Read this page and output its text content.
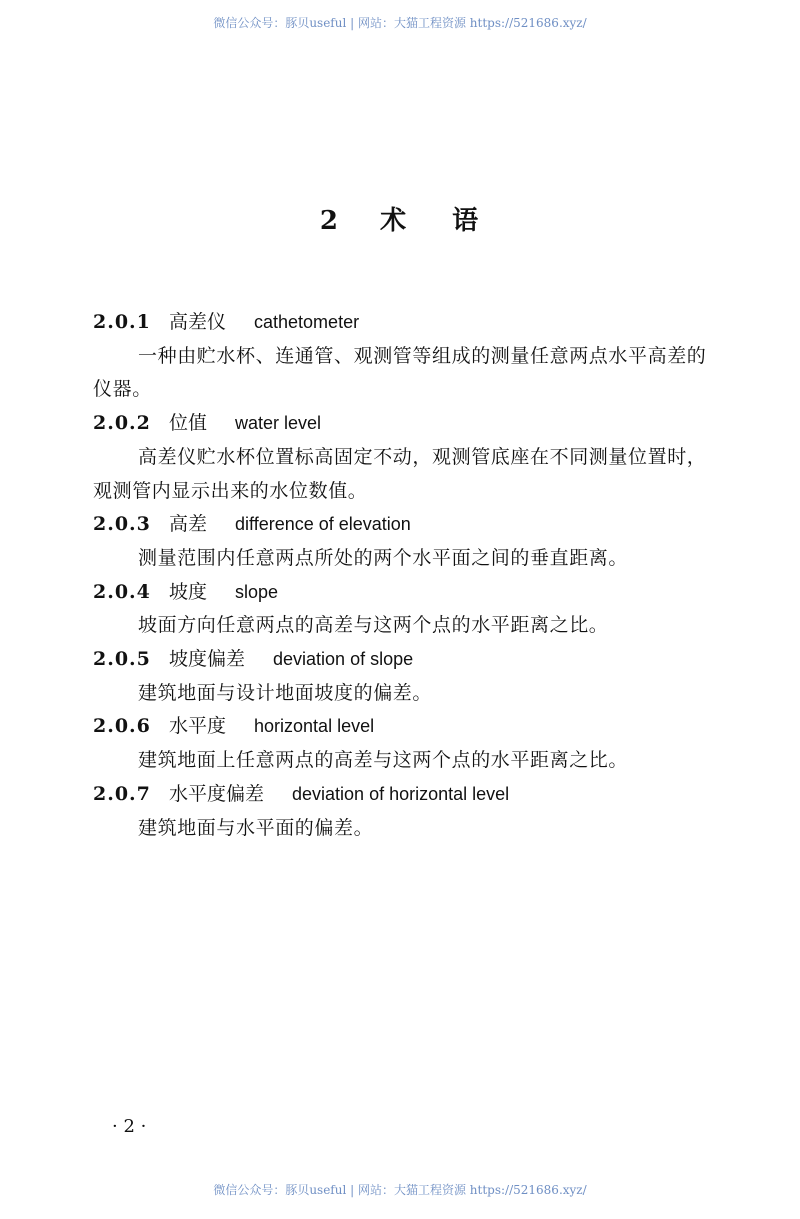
微信公众号：豚贝useful | 网站：大猫工程资源 https://521686.xyz/
2 术 语
2.0.1 高差仪 cathetometer
一种由贮水杯、连通管、观测管等组成的测量任意两点水平高差的仪器。
2.0.2 位值 water level
高差仪贮水杯位置标高固定不动，观测管底座在不同测量位置时，观测管内显示出来的水位数值。
2.0.3 高差 difference of elevation
测量范围内任意两点所处的两个水平面之间的垂直距离。
2.0.4 坡度 slope
坡面方向任意两点的高差与这两个点的水平距离之比。
2.0.5 坡度偏差 deviation of slope
建筑地面与设计地面坡度的偏差。
2.0.6 水平度 horizontal level
建筑地面上任意两点的高差与这两个点的水平距离之比。
2.0.7 水平度偏差 deviation of horizontal level
建筑地面与水平面的偏差。
· 2 ·
微信公众号：豚贝useful | 网站：大猫工程资源 https://521686.xyz/
